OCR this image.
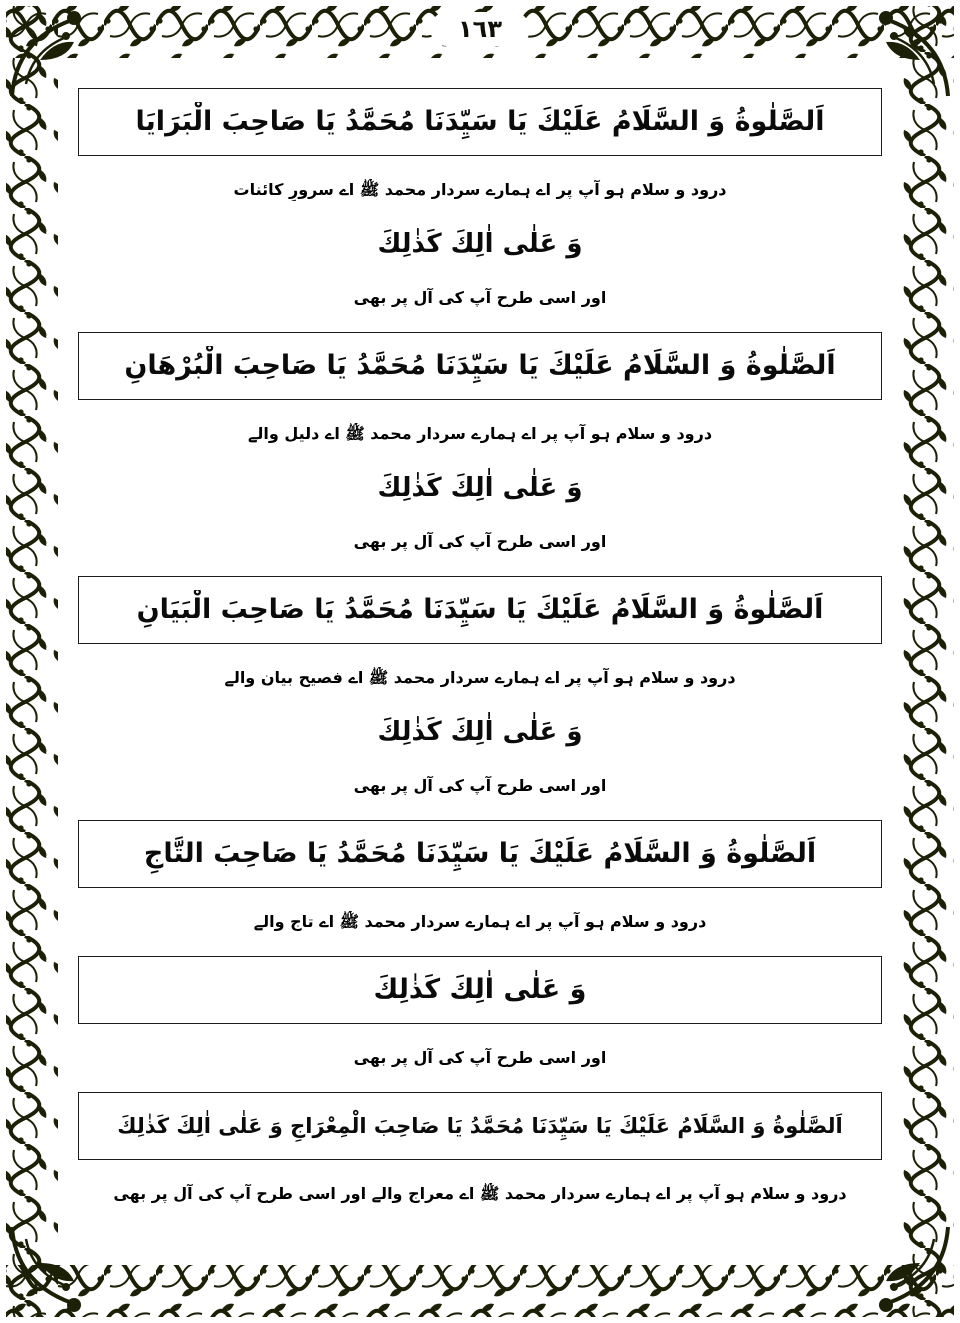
١٦٣

اَلصَّلٰوةُ وَ السَّلَامُ عَلَيْكَ يَا سَيِّدَنَا مُحَمَّدُ يَا صَاحِبَ الْبَرَايَا

درود و سلام ہو آپ پر اے ہمارے سردار محمد ﷺ اے سرورِ کائنات

وَ عَلٰى اٰلِكَ كَذٰلِكَ

اور اسی طرح آپ کی آل پر بھی

اَلصَّلٰوةُ وَ السَّلَامُ عَلَيْكَ يَا سَيِّدَنَا مُحَمَّدُ يَا صَاحِبَ الْبُرْهَانِ

درود و سلام ہو آپ پر اے ہمارے سردار محمد ﷺ اے دلیل والے

وَ عَلٰى اٰلِكَ كَذٰلِكَ

اور اسی طرح آپ کی آل پر بھی

اَلصَّلٰوةُ وَ السَّلَامُ عَلَيْكَ يَا سَيِّدَنَا مُحَمَّدُ يَا صَاحِبَ الْبَيَانِ

درود و سلام ہو آپ پر اے ہمارے سردار محمد ﷺ اے فصیح بیان والے

وَ عَلٰى اٰلِكَ كَذٰلِكَ

اور اسی طرح آپ کی آل پر بھی

اَلصَّلٰوةُ وَ السَّلَامُ عَلَيْكَ يَا سَيِّدَنَا مُحَمَّدُ يَا صَاحِبَ التَّاجِ

درود و سلام ہو آپ پر اے ہمارے سردار محمد ﷺ اے تاج والے

وَ عَلٰى اٰلِكَ كَذٰلِكَ

اور اسی طرح آپ کی آل پر بھی

اَلصَّلٰوةُ وَ السَّلَامُ عَلَيْكَ يَا سَيِّدَنَا مُحَمَّدُ يَا صَاحِبَ الْمِعْرَاجِ وَ عَلٰى اٰلِكَ كَذٰلِكَ

درود و سلام ہو آپ پر اے ہمارے سردار محمد ﷺ اے معراج والے اور اسی طرح آپ کی آل پر بھی
